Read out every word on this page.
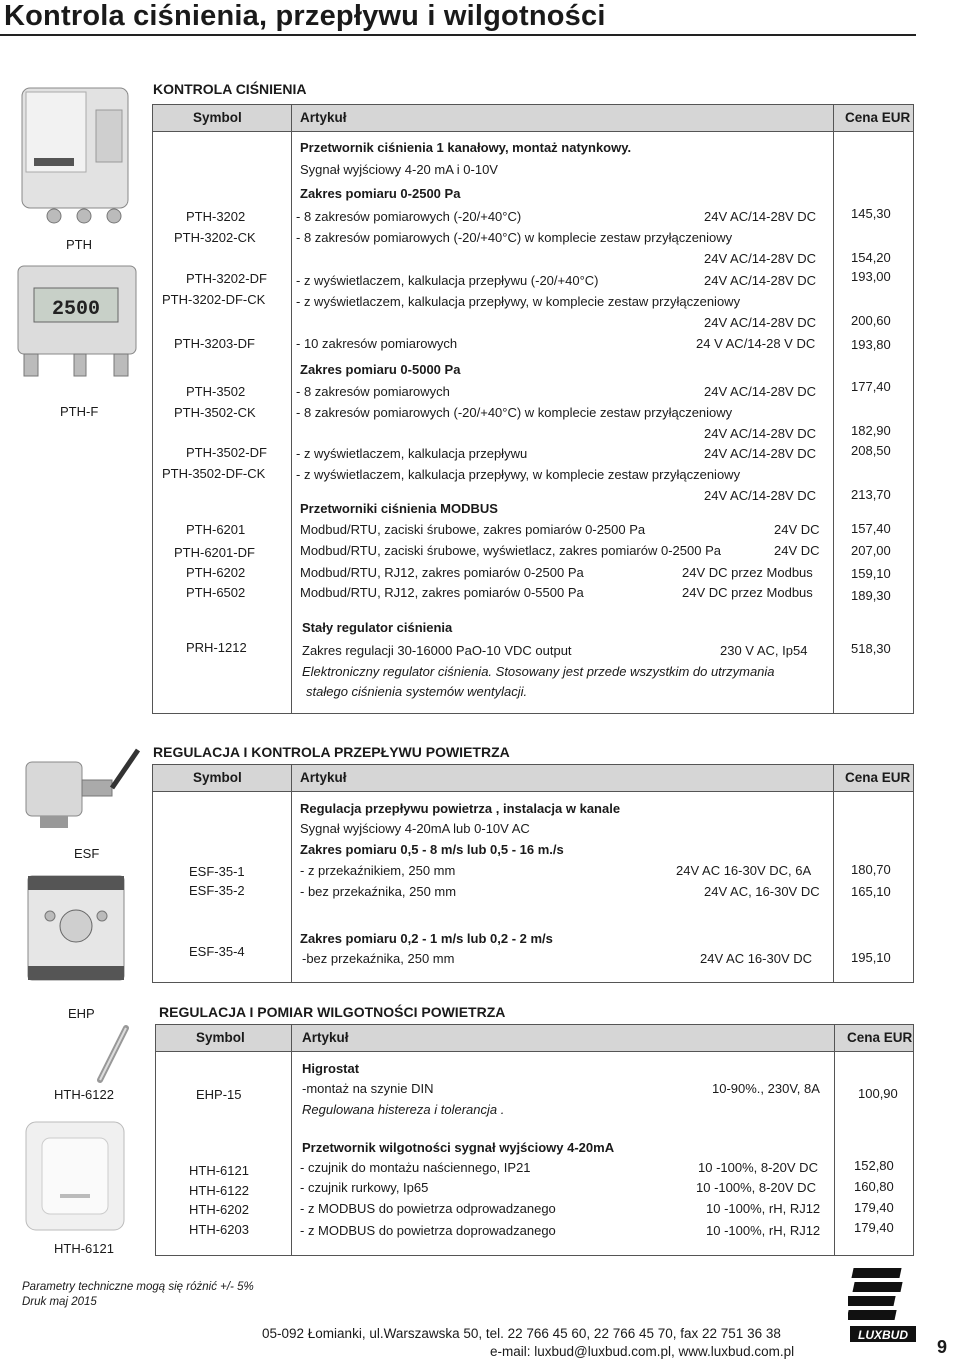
Kontrola ciśnienia, przepływu i wilgotności
KONTROLA CIŚNIENIA
PTH
2500
PTH-F
Symbol	Artykuł	Cena EUR
Przetwornik ciśnienia 1 kanałowy, montaż natynkowy.
Sygnał wyjściowy 4-20 mA i 0-10V
Zakres pomiaru 0-2500 Pa
PTH-3202	- 8 zakresów pomiarowych (-20/+40°C)	24V AC/14-28V DC	145,30
PTH-3202-CK	- 8 zakresów pomiarowych (-20/+40°C) w komplecie zestaw przyłączeniowy
24V AC/14-28V DC	154,20
PTH-3202-DF - z wyświetlaczem, kalkulacja przepływu (-20/+40°C)	24V AC/14-28V DC	193,00
PTH-3202-DF-CK - z wyświetlaczem, kalkulacja przepływy, w komplecie zestaw przyłączeniowy
24V AC/14-28V DC	200,60
PTH-3203-DF	- 10 zakresów pomiarowych	24 V AC/14-28 V DC	193,80
Zakres pomiaru 0-5000 Pa
PTH-3502	- 8 zakresów pomiarowych	24V AC/14-28V DC	177,40
PTH-3502-CK	- 8 zakresów pomiarowych (-20/+40°C) w komplecie zestaw przyłączeniowy
24V AC/14-28V DC	182,90
PTH-3502-DF - z wyświetlaczem, kalkulacja przepływu	24V AC/14-28V DC	208,50
PTH-3502-DF-CK - z wyświetlaczem, kalkulacja przepływy, w komplecie zestaw przyłączeniowy
24V AC/14-28V DC	213,70
Przetworniki ciśnienia MODBUS
PTH-6201	Modbud/RTU, zaciski śrubowe, zakres pomiarów 0-2500 Pa	24V DC 157,40
PTH-6201-DF	Modbud/RTU, zaciski śrubowe, wyświetlacz, zakres pomiarów 0-2500 Pa	24V DC 207,00
PTH-6202	Modbud/RTU, RJ12, zakres pomiarów 0-2500 Pa	24V DC przez Modbus	159,10
PTH-6502	Modbud/RTU, RJ12, zakres pomiarów 0-5500 Pa	24V DC przez Modbus	189,30
Stały regulator ciśnienia
PRH-1212	Zakres regulacji 30-16000 PaO-10 VDC output	230 V AC, Ip54	518,30
Elektroniczny regulator ciśnienia. Stosowany jest przede wszystkim do utrzymania
stałego ciśnienia systemów wentylacji.
REGULACJA I KONTROLA PRZEPŁYWU POWIETRZA
ESF
Symbol	Artykuł	Cena EUR
Regulacja przepływu powietrza , instalacja w kanale
Sygnał wyjściowy 4-20mA lub 0-10V AC
Zakres pomiaru 0,5 - 8 m/s lub 0,5 - 16 m./s
ESF-35-1	- z przekaźnikiem, 250 mm	24V AC 16-30V DC, 6A	180,70
ESF-35-2	- bez przekaźnika, 250 mm	24V AC, 16-30V DC 165,10
Zakres pomiaru 0,2 - 1 m/s lub 0,2 - 2 m/s
ESF-35-4	-bez przekaźnika, 250 mm	24V AC 16-30V DC	195,10
REGULACJA I POMIAR WILGOTNOŚCI POWIETRZA
EHP
HTH-6122
HTH-6121
Symbol	Artykuł	Cena EUR
Higrostat
EHP-15	-montaż na szynie DIN	10-90%., 230V, 8A	100,90
Regulowana histereza i tolerancja .
Przetwornik wilgotności sygnał wyjściowy 4-20mA
HTH-6121	- czujnik do montażu naściennego, IP21	10 -100%, 8-20V DC	152,80
HTH-6122	- czujnik rurkowy, Ip65	10 -100%, 8-20V DC	160,80
HTH-6202	- z MODBUS do powietrza odprowadzanego	10 -100%, rH, RJ12	179,40
HTH-6203	- z MODBUS do powietrza doprowadzanego	10 -100%, rH, RJ12	179,40
Parametry techniczne mogą się różnić +/- 5%
Druk maj 2015
05-092 Łomianki, ul.Warszawska 50, tel. 22 766 45 60, 22 766 45 70, fax 22 751 36 38
e-mail: luxbud@luxbud.com.pl, www.luxbud.com.pl
LUXBUD
9
